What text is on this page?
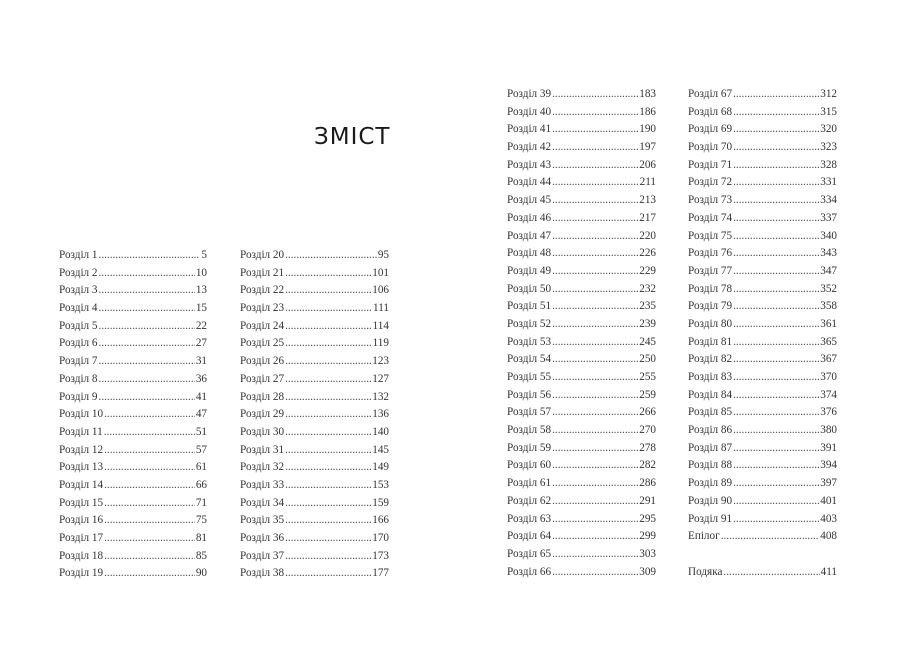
ЗМІСТ
Розділ 1 .....	5
Розділ 2 .....	10
Розділ 3 .....	13
Розділ 4 .....	15
Розділ 5 .....	22
Розділ 6 .....	27
Розділ 7 .....	31
Розділ 8 .....	36
Розділ 9 .....	41
Розділ 10 .....	47
Розділ 11 .....	51
Розділ 12 .....	57
Розділ 13 .....	61
Розділ 14 .....	66
Розділ 15 .....	71
Розділ 16 .....	75
Розділ 17 .....	81
Розділ 18 .....	85
Розділ 19 .....	90
Розділ 20 .....	95
Розділ 21 .....	101
Розділ 22 .....	106
Розділ 23 .....	111
Розділ 24 .....	114
Розділ 25 .....	119
Розділ 26 .....	123
Розділ 27 .....	127
Розділ 28 .....	132
Розділ 29 .....	136
Розділ 30 .....	140
Розділ 31 .....	145
Розділ 32 .....	149
Розділ 33 .....	153
Розділ 34 .....	159
Розділ 35 .....	166
Розділ 36 .....	170
Розділ 37 .....	173
Розділ 38 .....	177
Розділ 39 .....	183
Розділ 40 .....	186
Розділ 41 .....	190
Розділ 42 .....	197
Розділ 43 .....	206
Розділ 44 .....	211
Розділ 45 .....	213
Розділ 46 .....	217
Розділ 47 .....	220
Розділ 48 .....	226
Розділ 49 .....	229
Розділ 50 .....	232
Розділ 51 .....	235
Розділ 52 .....	239
Розділ 53 .....	245
Розділ 54 .....	250
Розділ 55 .....	255
Розділ 56 .....	259
Розділ 57 .....	266
Розділ 58 .....	270
Розділ 59 .....	278
Розділ 60 .....	282
Розділ 61 .....	286
Розділ 62 .....	291
Розділ 63 .....	295
Розділ 64 .....	299
Розділ 65 .....	303
Розділ 66 .....	309
Розділ 67 .....	312
Розділ 68 .....	315
Розділ 69 .....	320
Розділ 70 .....	323
Розділ 71 .....	328
Розділ 72 .....	331
Розділ 73 .....	334
Розділ 74 .....	337
Розділ 75 .....	340
Розділ 76 .....	343
Розділ 77 .....	347
Розділ 78 .....	352
Розділ 79 .....	358
Розділ 80 .....	361
Розділ 81 .....	365
Розділ 82 .....	367
Розділ 83 .....	370
Розділ 84 .....	374
Розділ 85 .....	376
Розділ 86 .....	380
Розділ 87 .....	391
Розділ 88 .....	394
Розділ 89 .....	397
Розділ 90 .....	401
Розділ 91 .....	403
Епілог .....	408
Подяка .....	411
